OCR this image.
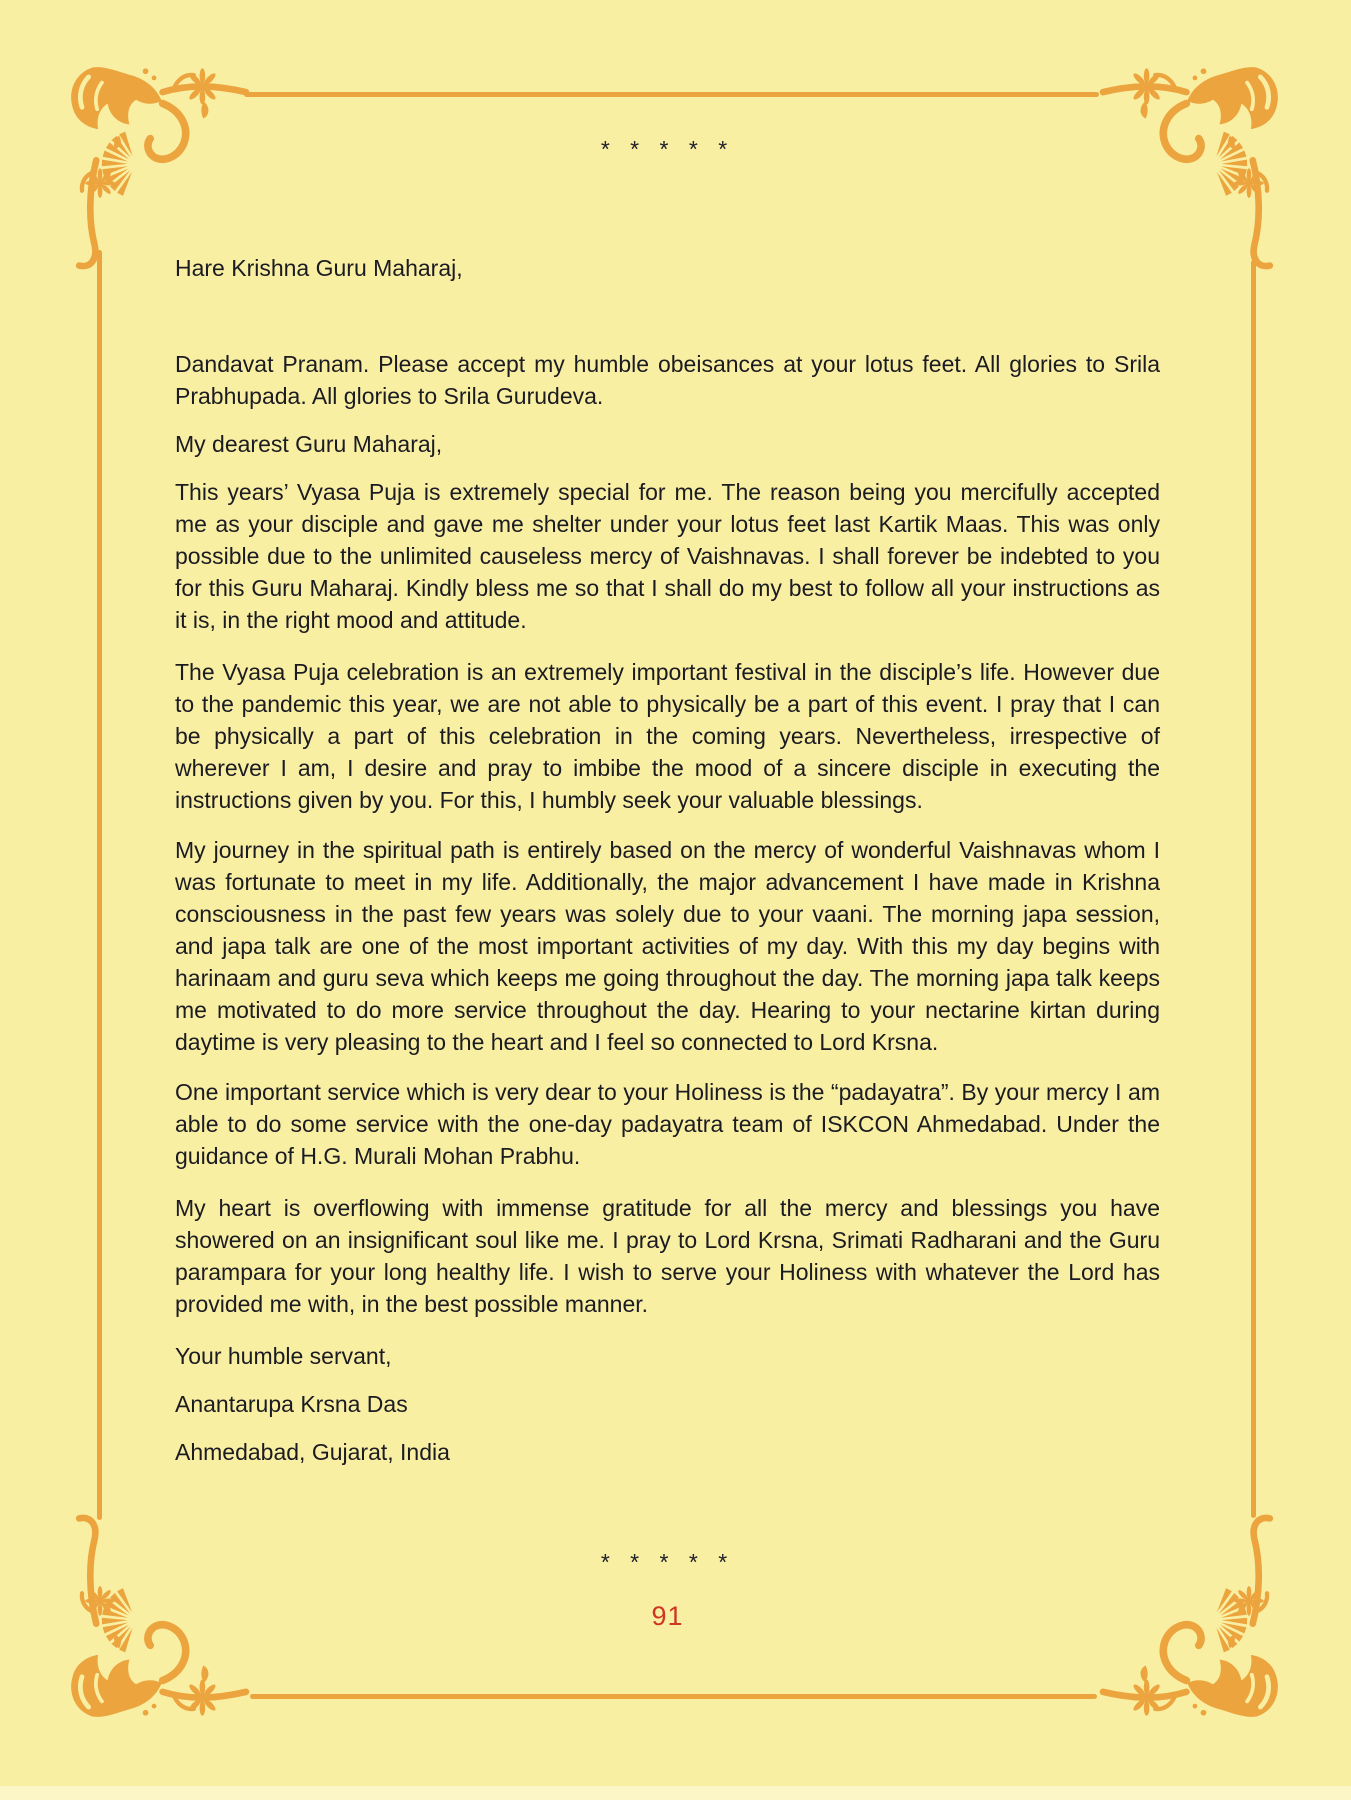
* * * * *

Hare Krishna Guru Maharaj,

Dandavat Pranam. Please accept my humble obeisances at your lotus feet. All glories to Srila Prabhupada. All glories to Srila Gurudeva.

My dearest Guru Maharaj,

This years’ Vyasa Puja is extremely special for me. The reason being you mercifully accepted me as your disciple and gave me shelter under your lotus feet last Kartik Maas. This was only possible due to the unlimited causeless mercy of Vaishnavas. I shall forever be indebted to you for this Guru Maharaj. Kindly bless me so that I shall do my best to follow all your instructions as it is, in the right mood and attitude.

The Vyasa Puja celebration is an extremely important festival in the disciple’s life. However due to the pandemic this year, we are not able to physically be a part of this event. I pray that I can be physically a part of this celebration in the coming years. Nevertheless, irrespective of wherever I am, I desire and pray to imbibe the mood of a sincere disciple in executing the instructions given by you. For this, I humbly seek your valuable blessings.

My journey in the spiritual path is entirely based on the mercy of wonderful Vaishnavas whom I was fortunate to meet in my life. Additionally, the major advancement I have made in Krishna consciousness in the past few years was solely due to your vaani. The morning japa session, and japa talk are one of the most important activities of my day. With this my day begins with harinaam and guru seva which keeps me going throughout the day. The morning japa talk keeps me motivated to do more service throughout the day. Hearing to your nectarine kirtan during daytime is very pleasing to the heart and I feel so connected to Lord Krsna.

One important service which is very dear to your Holiness is the “padayatra”. By your mercy I am able to do some service with the one-day padayatra team of ISKCON Ahmedabad. Under the guidance of H.G. Murali Mohan Prabhu.

My heart is overflowing with immense gratitude for all the mercy and blessings you have showered on an insignificant soul like me. I pray to Lord Krsna, Srimati Radharani and the Guru parampara for your long healthy life. I wish to serve your Holiness with whatever the Lord has provided me with, in the best possible manner.

Your humble servant,

Anantarupa Krsna Das

Ahmedabad, Gujarat, India

* * * * *

91
